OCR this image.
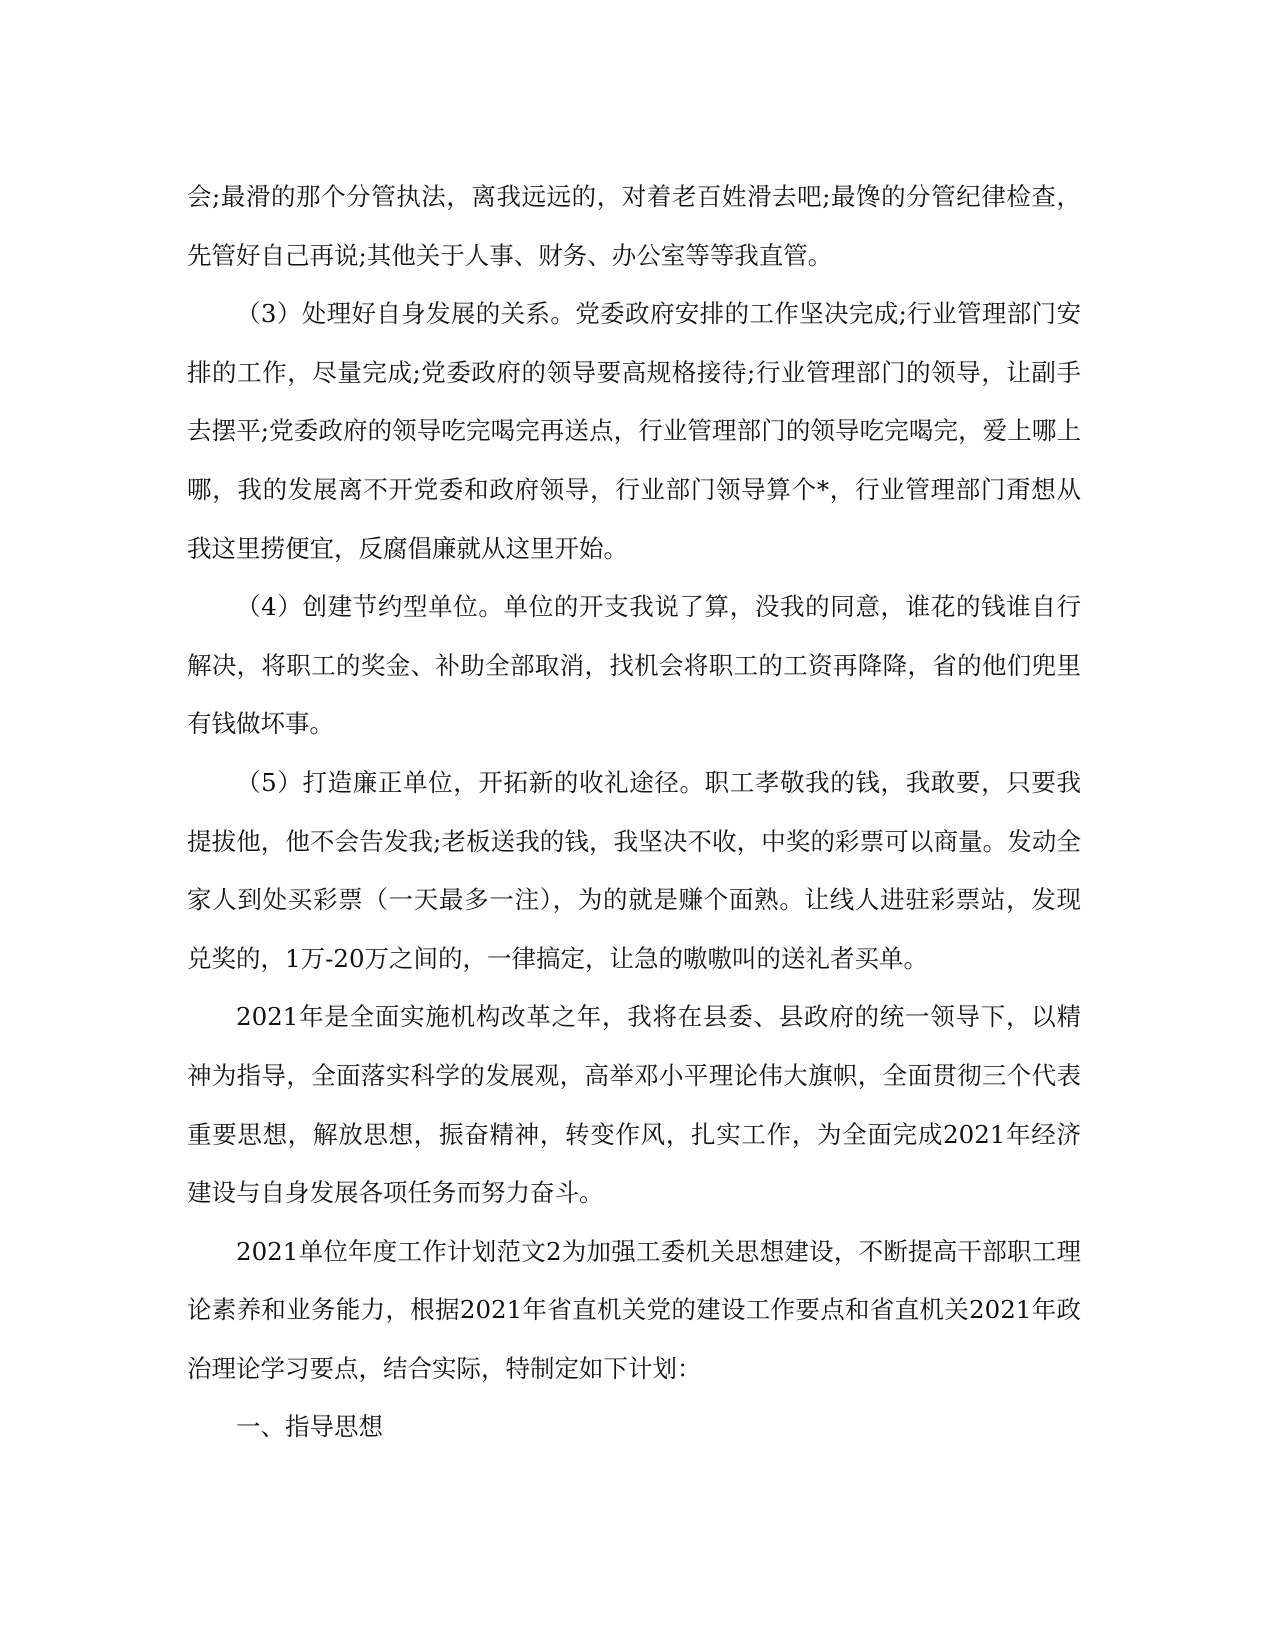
会;最滑的那个分管执法，离我远远的，对着老百姓滑去吧;最馋的分管纪律检查，先管好自己再说;其他关于人事、财务、办公室等等我直管。

（3）处理好自身发展的关系。党委政府安排的工作坚决完成;行业管理部门安排的工作，尽量完成;党委政府的领导要高规格接待;行业管理部门的领导，让副手去摆平;党委政府的领导吃完喝完再送点，行业管理部门的领导吃完喝完，爱上哪上哪，我的发展离不开党委和政府领导，行业部门领导算个*，行业管理部门甭想从我这里捞便宜，反腐倡廉就从这里开始。

（4）创建节约型单位。单位的开支我说了算，没我的同意，谁花的钱谁自行解决，将职工的奖金、补助全部取消，找机会将职工的工资再降降，省的他们兜里有钱做坏事。

（5）打造廉正单位，开拓新的收礼途径。职工孝敬我的钱，我敢要，只要我提拔他，他不会告发我;老板送我的钱，我坚决不收，中奖的彩票可以商量。发动全家人到处买彩票（一天最多一注），为的就是赚个面熟。让线人进驻彩票站，发现兑奖的，1万-20万之间的，一律搞定，让急的嗷嗷叫的送礼者买单。

2021年是全面实施机构改革之年，我将在县委、县政府的统一领导下，以精神为指导，全面落实科学的发展观，高举邓小平理论伟大旗帜，全面贯彻三个代表重要思想，解放思想，振奋精神，转变作风，扎实工作，为全面完成2021年经济建设与自身发展各项任务而努力奋斗。

2021单位年度工作计划范文2为加强工委机关思想建设，不断提高干部职工理论素养和业务能力，根据2021年省直机关党的建设工作要点和省直机关2021年政治理论学习要点，结合实际，特制定如下计划：

一、指导思想
